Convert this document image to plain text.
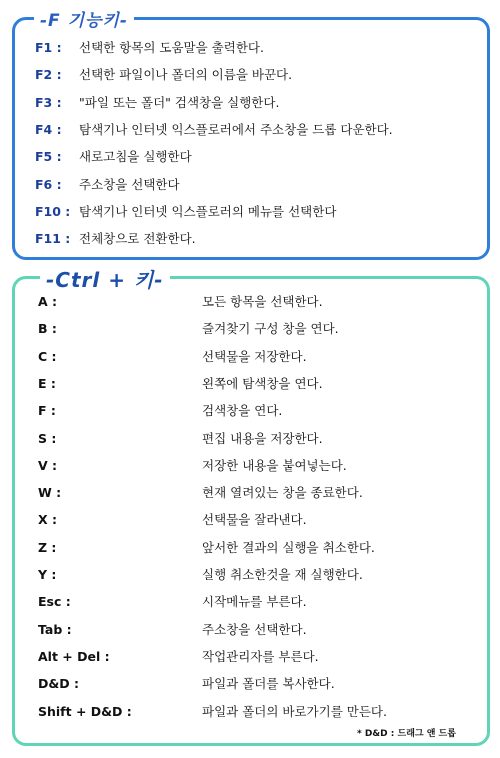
-F 기능키-
F1 : 선택한 항목의 도움말을 출력한다.
F2 : 선택한 파일이나 폴더의 이름을 바꾼다.
F3 : "파일 또는 폴더" 검색창을 실행한다.
F4 : 탐색기나 인터넷 익스플로러에서 주소창을 드롭 다운한다.
F5 : 새로고침을 실행한다
F6 : 주소창을 선택한다
F10 : 탐색기나 인터넷 익스플로러의 메뉴를 선택한다
F11 : 전체창으로 전환한다.
-Ctrl + 키-
A :	모든 항목을 선택한다.
B :	즐겨찾기 구성 창을 연다.
C :	선택물을 저장한다.
E :	왼쪽에 탐색창을 연다.
F :	검색창을 연다.
S :	편집 내용을 저장한다.
V :	저장한 내용을 붙여넣는다.
W :	현재 열려있는 창을 종료한다.
X :	선택물을 잘라낸다.
Z :	앞서한 결과의 실행을 취소한다.
Y :	실행 취소한것을 재 실행한다.
Esc :	시작메뉴를 부른다.
Tab :	주소창을 선택한다.
Alt + Del :	작업관리자를 부른다.
D&D :	파일과 폴더를 복사한다.
Shift + D&D :	파일과 폴더의 바로가기를 만든다.
* D&D : 드래그 앤 드롭
